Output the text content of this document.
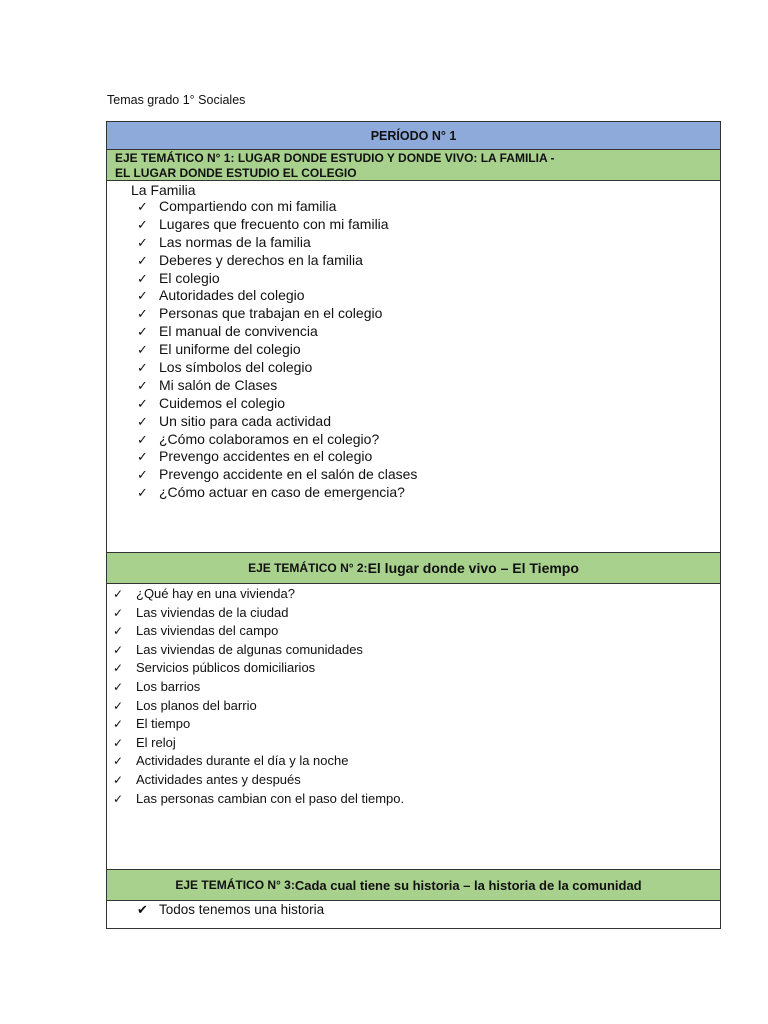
Temas grado 1° Sociales
PERÍODO N° 1
EJE TEMÁTICO N° 1: LUGAR DONDE ESTUDIO Y DONDE VIVO: LA FAMILIA -
EL LUGAR DONDE ESTUDIO EL COLEGIO
La Familia
✓ Compartiendo con mi familia
✓ Lugares que frecuento con mi familia
✓ Las normas de la familia
✓ Deberes y derechos en la familia
✓ El colegio
✓ Autoridades del colegio
✓ Personas que trabajan en el colegio
✓ El manual de convivencia
✓ El uniforme del colegio
✓ Los símbolos del colegio
✓ Mi salón de Clases
✓ Cuidemos el colegio
✓ Un sitio para cada actividad
✓ ¿Cómo colaboramos en el colegio?
✓ Prevengo accidentes en el colegio
✓ Prevengo accidente en el salón de clases
✓ ¿Cómo actuar en caso de emergencia?
EJE TEMÁTICO N° 2: El lugar donde vivo – El Tiempo
✓ ¿Qué hay en una vivienda?
✓ Las viviendas de la ciudad
✓ Las viviendas del campo
✓ Las viviendas de algunas comunidades
✓ Servicios públicos domiciliarios
✓ Los barrios
✓ Los planos del barrio
✓ El tiempo
✓ El reloj
✓ Actividades durante el día y la noche
✓ Actividades antes y después
✓ Las personas cambian con el paso del tiempo.
EJE TEMÁTICO N° 3: Cada cual tiene su historia – la historia de la comunidad
✔ Todos tenemos una historia
